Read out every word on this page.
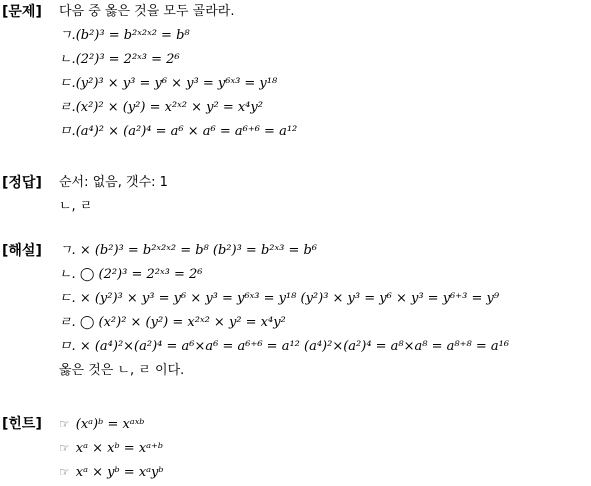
[문제] 다음 중 옳은 것을 모두 골라라.
ㄱ.(b²)³ = b²ˣ²ˣ² = b⁸
ㄴ.(2²)³ = 2²ˣ³ = 2⁶
ㄷ.(y²)³ × y³ = y⁶ × y³ = y⁶ˣ³ = y¹⁸
ㄹ.(x²)² × (y²) = x²ˣ² × y² = x⁴y²
ㅁ.(a⁴)² × (a²)⁴ = a⁶ × a⁶ = a⁶⁺⁶ = a¹²
[정답] 순서: 없음, 갯수: 1
ㄴ, ㄹ
[해설] ㄱ. × (b²)³ = b²ˣ²ˣ² = b⁸ (b²)³ = b²ˣ³ = b⁶
ㄴ. ◯ (2²)³ = 2²ˣ³ = 2⁶
ㄷ. × (y²)³ × y³ = y⁶ × y³ = y⁶ˣ³ = y¹⁸ (y²)³ × y³ = y⁶ × y³ = y⁶⁺³ = y⁹
ㄹ. ◯ (x²)² × (y²) = x²ˣ² × y² = x⁴y²
ㅁ. × (a⁴)²×(a²)⁴ = a⁶×a⁶ = a⁶⁺⁶ = a¹² (a⁴)²×(a²)⁴ = a⁸×a⁸ = a⁸⁺⁸ = a¹⁶
옳은 것은 ㄴ, ㄹ 이다.
[힌트] ☞ (xᵃ)ᵇ = xᵃˣᵇ
☞ xᵃ × xᵇ = xᵃ⁺ᵇ
☞ xᵃ × yᵇ = xᵃyᵇ
